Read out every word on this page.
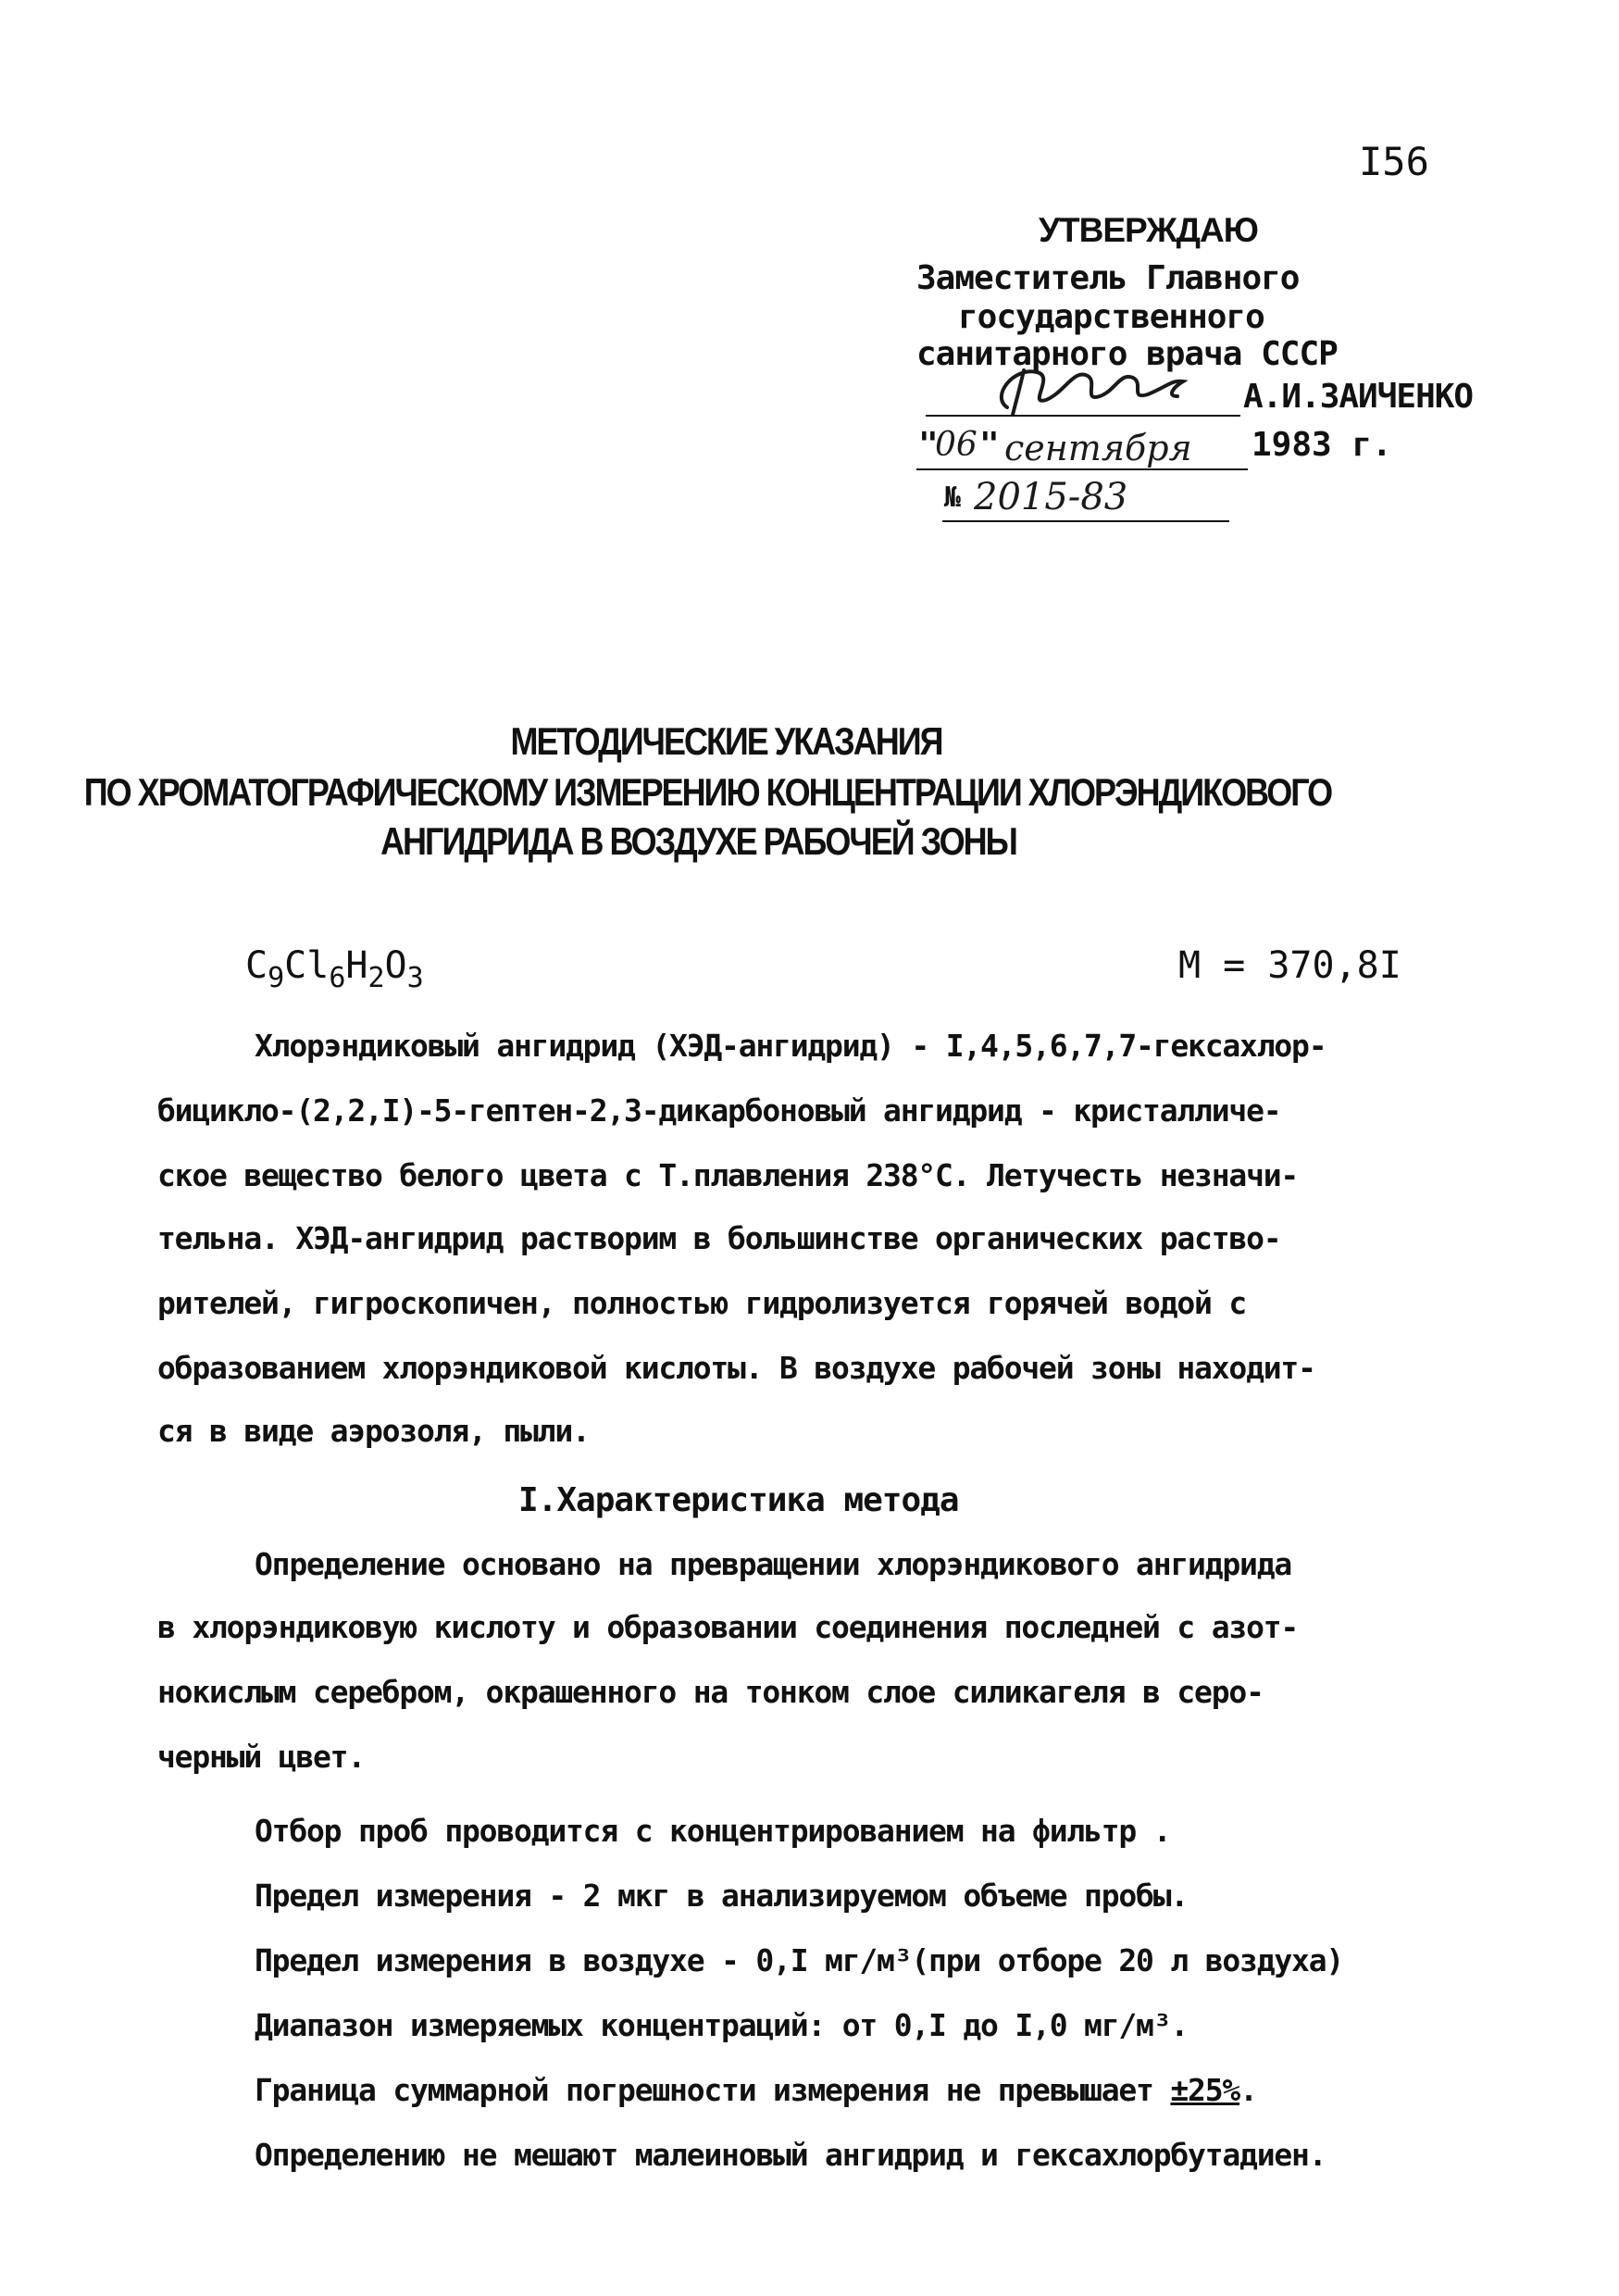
I56
УТВЕРЖДАЮ
Заместитель Главного
государственного
санитарного врача СССР
А.И.ЗАИЧЕНКО
"
06 " сентября 1983 г.
№ 2015-83
МЕТОДИЧЕСКИЕ УКАЗАНИЯ
ПО ХРОМАТОГРАФИЧЕСКОМУ ИЗМЕРЕНИЮ КОНЦЕНТРАЦИИ ХЛОРЭНДИКОВОГО
АНГИДРИДА В ВОЗДУХЕ РАБОЧЕЙ ЗОНЫ
$C_9Cl_6H_2O_3$	М = 370,8I
Хлорэндиковый ангидрид (ХЭД-ангидрид) - I,4,5,6,7,7-гексахлор-
бицикло-(2,2,I)-5-гептен-2,3-дикарбоновый ангидрид - кристалличе-
ское вещество белого цвета с Т.плавления 238°С. Летучесть незначи-
тельна. ХЭД-ангидрид растворим в большинстве органических раство-
рителей, гигроскопичен, полностью гидролизуется горячей водой с
образованием хлорэндиковой кислоты. В воздухе рабочей зоны находит-
ся в виде аэрозоля, пыли.
I.Характеристика метода
Определение основано на превращении хлорэндикового ангидрида
в хлорэндиковую кислоту и образовании соединения последней с азот-
нокислым серебром, окрашенного на тонком слое силикагеля в серо-
черный цвет.
Отбор проб проводится с концентрированием на фильтр .
Предел измерения - 2 мкг в анализируемом объеме пробы.
Предел измерения в воздухе - 0,I мг/м³(при отборе 20 л воздуха)
Диапазон измеряемых концентраций: от 0,I до I,0 мг/м³.
Граница суммарной погрешности измерения не превышает ±25%.
Определению не мешают малеиновый ангидрид и гексахлорбутадиен.
